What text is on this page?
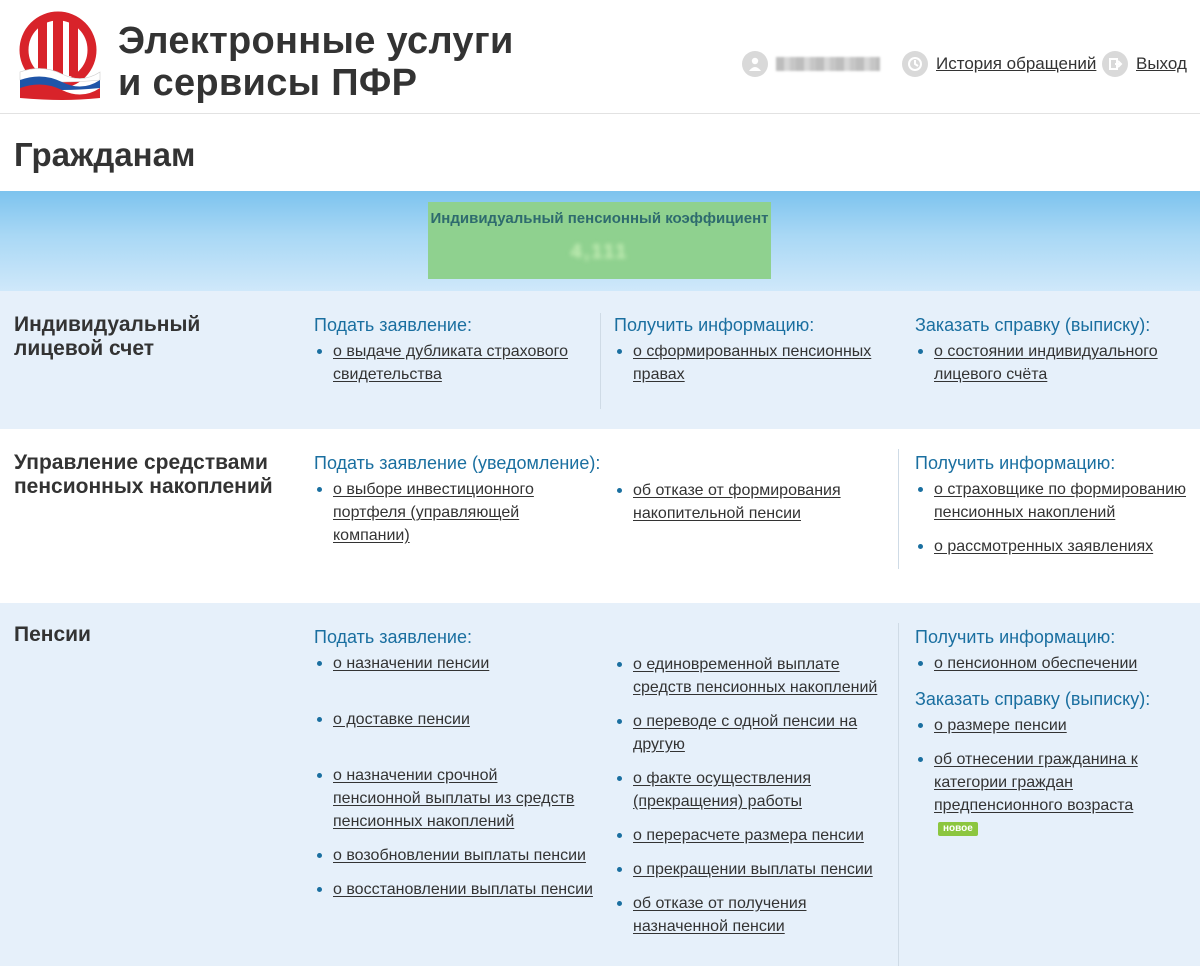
Электронные услуги
и сервисы ПФР	История обращений Выход
Гражданам
Индивидуальный пенсионный коэффициент
4,111
Индивидуальный лицевой счет
Подать заявление:
о выдаче дубликата страхового свидетельства
Получить информацию:
о сформированных пенсионных правах
Заказать справку (выписку):
о состоянии индивидуального лицевого счёта
Управление средствами пенсионных накоплений
Подать заявление (уведомление):
о выборе инвестиционного портфеля (управляющей компании)
об отказе от формирования накопительной пенсии
Получить информацию:
о страховщике по формированию пенсионных накоплений
о рассмотренных заявлениях
Пенсии	Подать заявление:
о назначении пенсии
о доставке пенсии
о назначении срочной пенсионной выплаты из средств пенсионных накоплений
о возобновлении выплаты пенсии
о восстановлении выплаты пенсии
о единовременной выплате средств пенсионных накоплений
о переводе с одной пенсии на другую
о факте осуществления (прекращения) работы
о перерасчете размера пенсии
о прекращении выплаты пенсии
об отказе от получения назначенной пенсии
Получить информацию:
о пенсионном обеспечении
Заказать справку (выписку):
о размере пенсии
об отнесении гражданина к категории граждан предпенсионного возрастановое
